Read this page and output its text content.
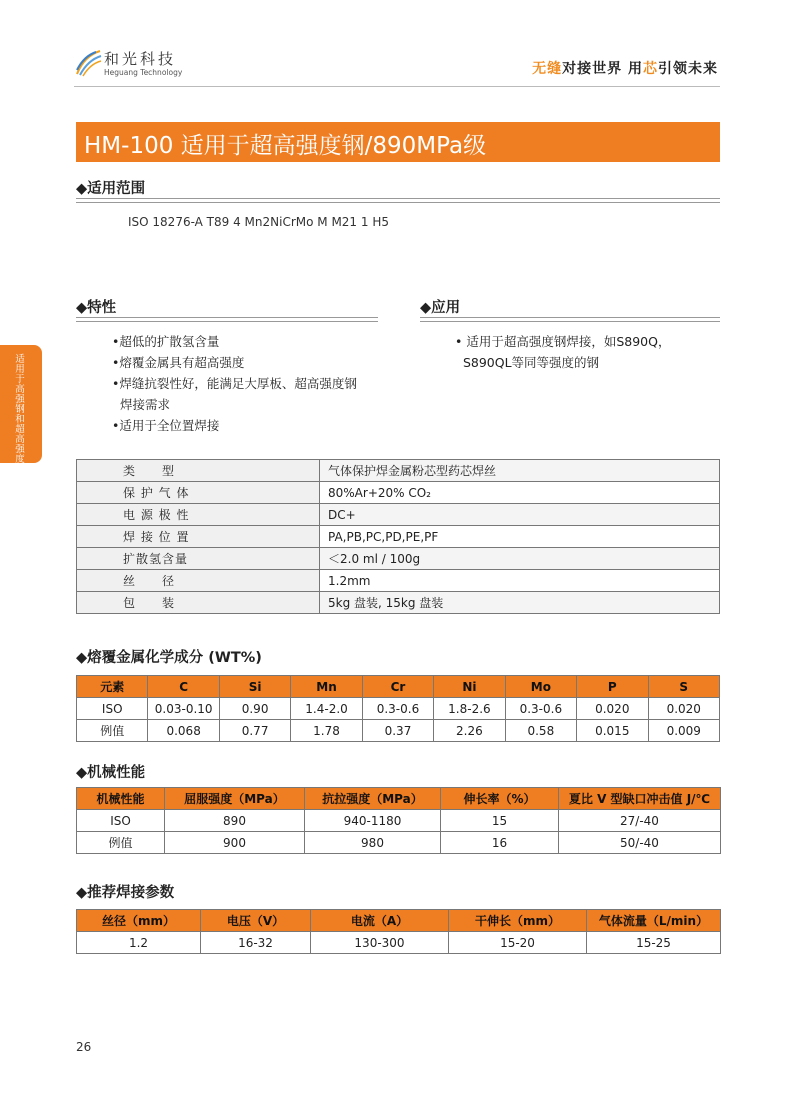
和光科技
Heguang Technology	无缝对接世界 用芯引领未来
HM-100 适用于超高强度钢/890MPa级
适用于高强钢和超高强度钢
◆适用范围
ISO 18276-A T89 4 Mn2NiCrMo M M21 1 H5
◆特性
•超低的扩散氢含量
•熔覆金属具有超高强度
•焊缝抗裂性好，能满足大厚板、超高强度钢
焊接需求
•适用于全位置焊接
◆应用
• 适用于超高强度钢焊接，如S890Q，
S890QL等同等强度的钢
类　　型	气体保护焊金属粉芯型药芯焊丝
保 护 气 体	80%Ar+20% CO₂
电 源 极 性	DC+
焊 接 位 置	PA,PB,PC,PD,PE,PF
扩散氢含量	＜2.0 ml / 100g
丝　　径	1.2mm
包　　装	5kg 盘装, 15kg 盘装
◆熔覆金属化学成分 (WT%)
元素	C	Si	Mn	Cr	Ni	Mo	P	S
ISO	0.03-0.10	0.90	1.4-2.0	0.3-0.6	1.8-2.6	0.3-0.6	0.020	0.020
例值	0.068	0.77	1.78	0.37	2.26	0.58	0.015	0.009
◆机械性能
机械性能	屈服强度（MPa）	抗拉强度（MPa）	伸长率（%）	夏比 V 型缺口冲击值 J/℃
ISO	890	940-1180	15	27/-40
例值	900	980	16	50/-40
◆推荐焊接参数
丝径（mm）	电压（V）	电流（A）	干伸长（mm）	气体流量（L/min）
1.2	16-32	130-300	15-20	15-25
26
